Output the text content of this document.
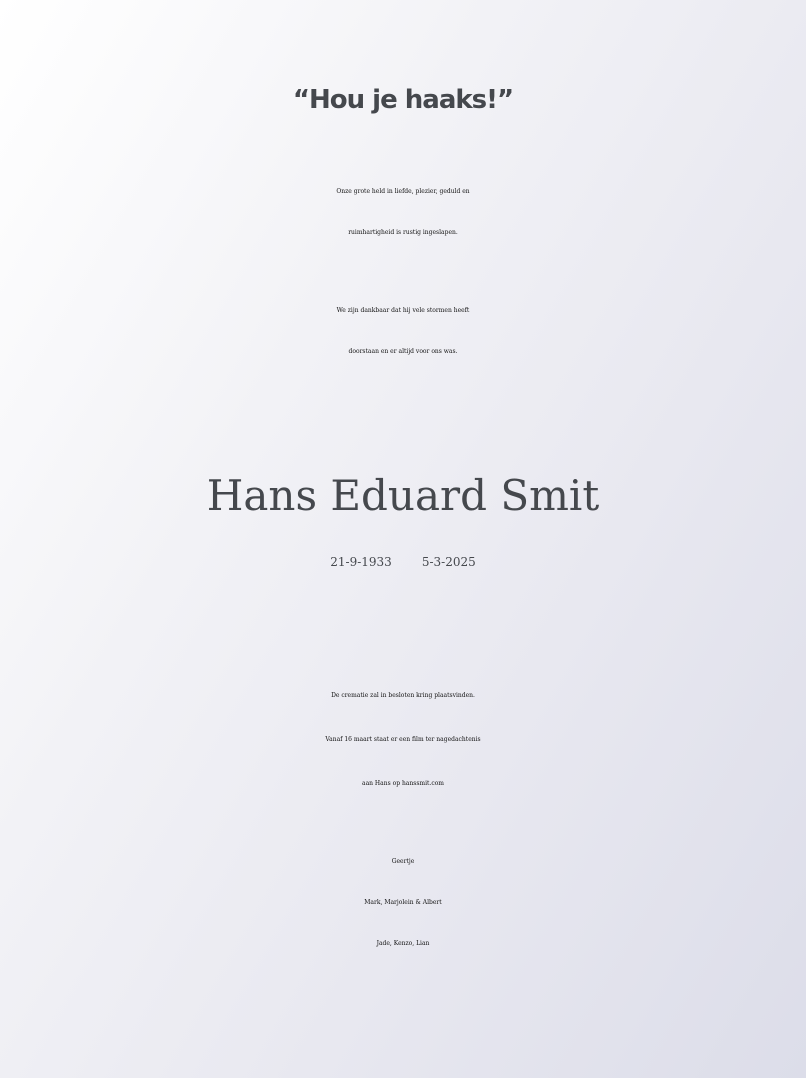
“Hou je haaks!”
Onze grote held in liefde, plezier, geduld en
ruimhartigheid is rustig ingeslapen.
We zijn dankbaar dat hij vele stormen heeft
doorstaan en er altijd voor ons was.
Hans Eduard Smit
21-9-1933	5-3-2025
De crematie zal in besloten kring plaatsvinden.
Vanaf 16 maart staat er een film ter nagedachtenis
aan Hans op hanssmit.com
Geertje
Mark, Marjolein & Albert
Jade, Kenzo, Lian
